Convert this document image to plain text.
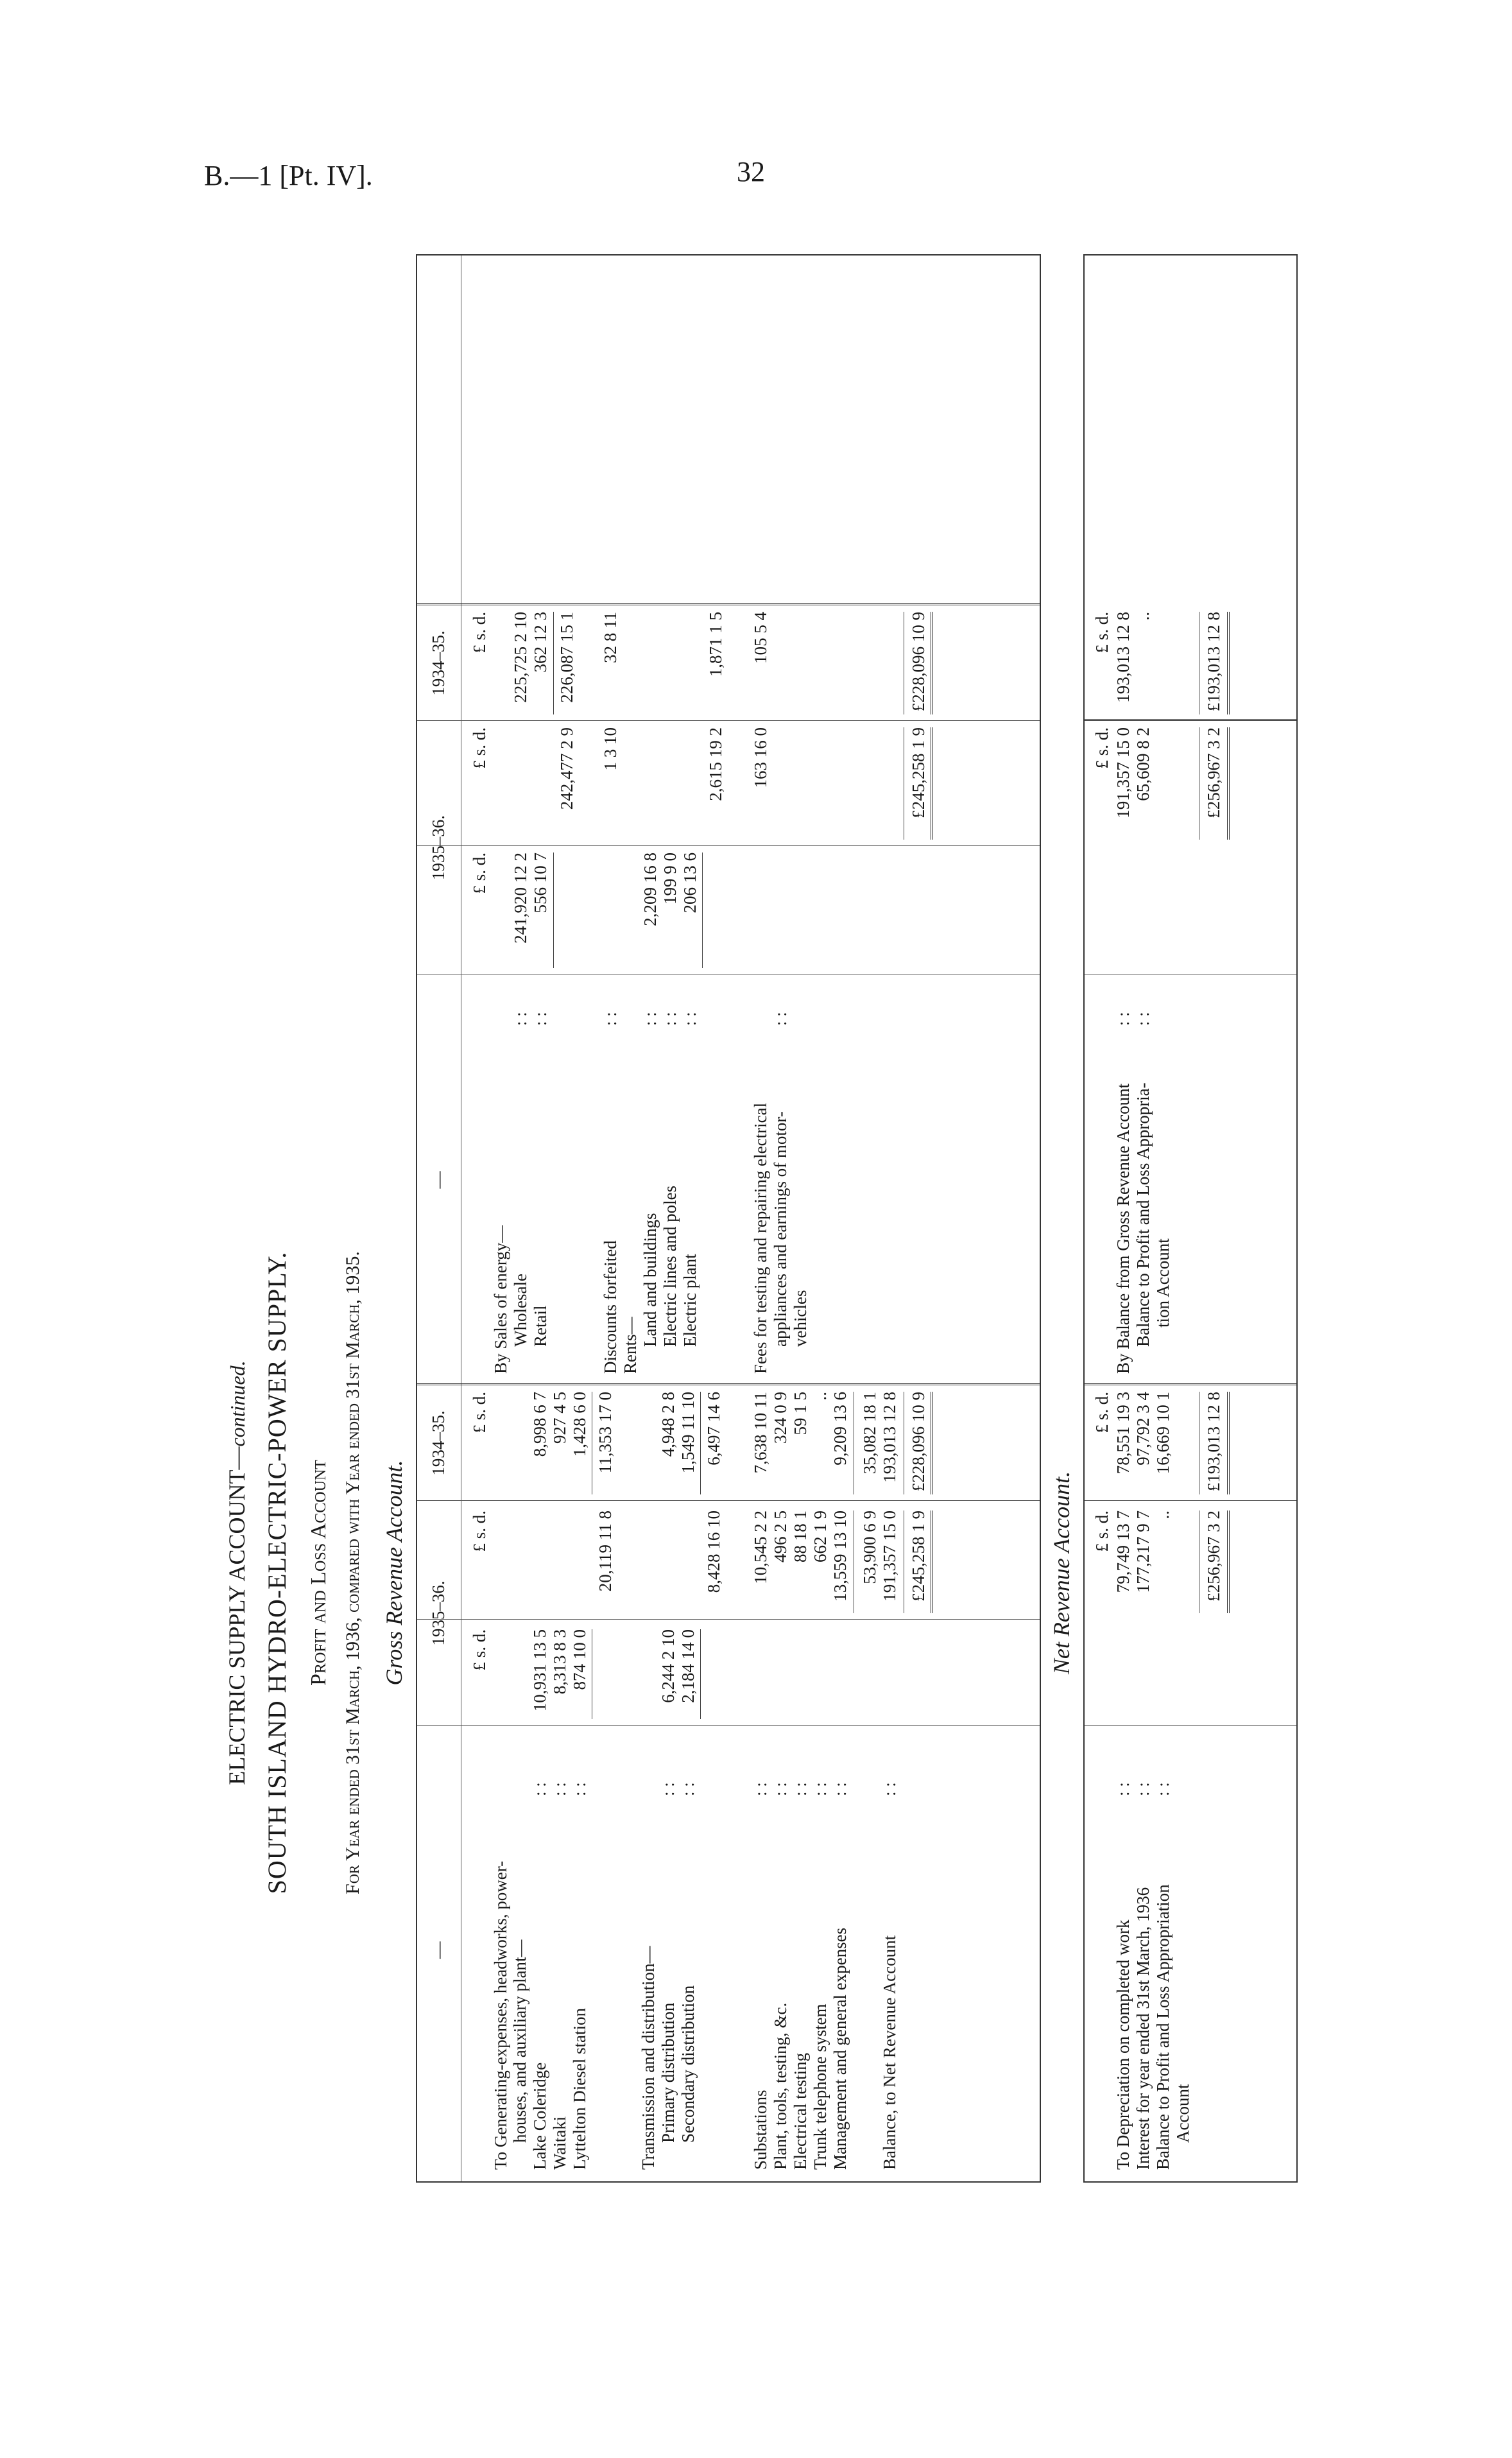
B.—1 [Pt. IV].	32
ELECTRIC SUPPLY ACCOUNT—continued. SOUTH ISLAND HYDRO-ELECTRIC-POWER SUPPLY. Profit and Loss Account For Year ended 31st March, 1936, compared with Year ended 31st March, 1935. Gross Revenue Account.
—
1935–36.
1934–35.
—
1935–36.
1934–35.
£ s. d.
£ s. d.
£ s. d.
£ s. d.
£ s. d.
£ s. d.
To Generating-expenses, headworks, power- houses, and auxiliary plant— Lake Coleridge
: :
10,931 13 5
8,998 6 7
Waitaki
: :
8,313 8 3
927 4 5
Lyttelton Diesel station
: :
874 10 0
1,428 6 0
20,119 11 8
11,353 17 0
Transmission and distribution— Primary distribution
: :
6,244 2 10
4,948 2 8
Secondary distribution
: :
2,184 14 0
1,549 11 10
8,428 16 10
6,497 14 6
Substations
: :
10,545 2 2
7,638 10 11
Plant, tools, testing, &c.
: :
496 2 5
324 0 9
Electrical testing
: :
88 18 1
59 1 5
Trunk telephone system
: :
662 1 9
..
Management and general expenses
: :
13,559 13 10
9,209 13 6
53,900 6 9
35,082 18 1
Balance, to Net Revenue Account
: :
191,357 15 0
193,013 12 8
£245,258 1 9
£228,096 10 9
By Sales of energy— Wholesale
: :
241,920 12 2
225,725 2 10
Retail
: :
556 10 7
362 12 3
242,477 2 9
226,087 15 1
Discounts forfeited
: :
1 3 10
32 8 11
Rents— Land and buildings
: :
2,209 16 8
Electric lines and poles
: :
199 9 0
Electric plant
: :
206 13 6
2,615 19 2
1,871 1 5
Fees for testing and repairing electrical appliances and earnings of motor- vehicles
: :
163 16 0
105 5 4
£245,258 1 9
£228,096 10 9
Net Revenue Account. £ s. d.
£ s. d.
£ s. d.
£ s. d.
To Depreciation on completed work
: :
79,749 13 7
78,551 19 3
Interest for year ended 31st March, 1936
: :
177,217 9 7
97,792 3 4
Balance to Profit and Loss Appropriation Account
: :
..
16,669 10 1
£256,967 3 2
£193,013 12 8
By Balance from Gross Revenue Account
: :
191,357 15 0
193,013 12 8
Balance to Profit and Loss Appropria- tion Account
: :
65,609 8 2
..
£256,967 3 2
£193,013 12 8
